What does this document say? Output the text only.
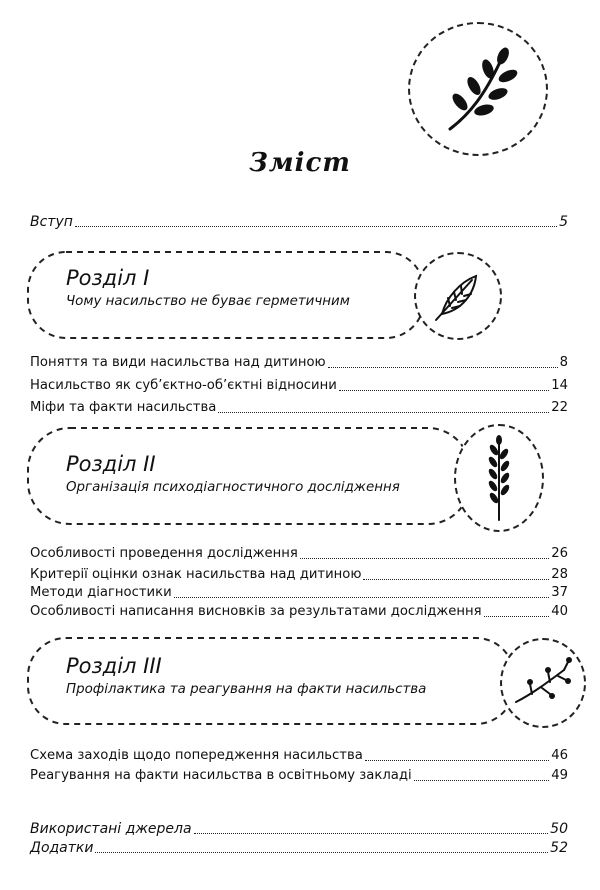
Зміст
Вступ	5
Розділ I
Чому насильство не буває герметичним
Поняття та види насильства над дитиною	8
Насильство як суб’єктно-об’єктні відносини	14
Міфи та факти насильства	22
Розділ II
Організація психодіагностичного дослідження
Особливості проведення дослідження	26
Критерії оцінки ознак насильства над дитиною	28
Методи діагностики	37
Особливості написання висновків за результатами дослідження	40
Розділ III
Профілактика та реагування на факти насильства
Схема заходів щодо попередження насильства	46
Реагування на факти насильства в освітньому закладі	49
Використані джерела	50
Додатки	52
